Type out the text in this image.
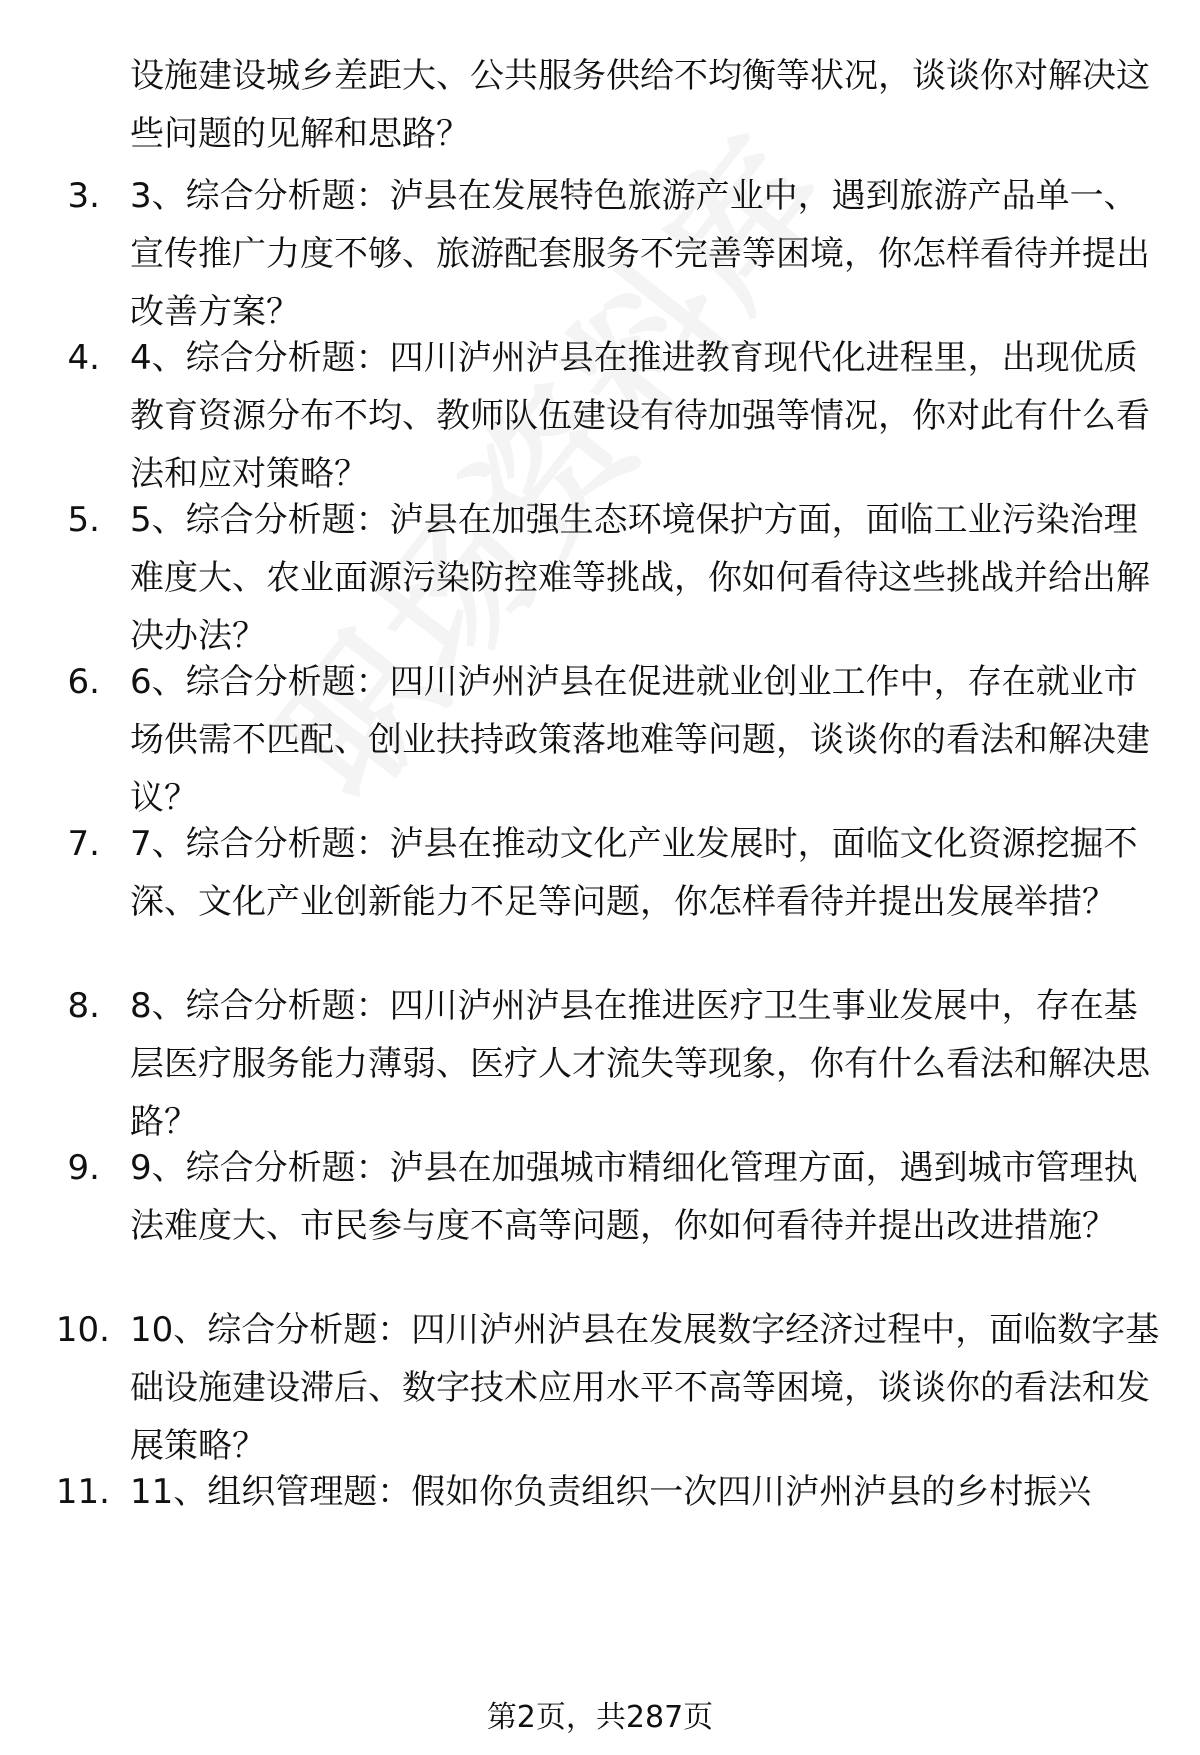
设施建设城乡差距大、公共服务供给不均衡等状况，谈谈你对解决这些问题的见解和思路？
3. 3、综合分析题：泸县在发展特色旅游产业中，遇到旅游产品单一、宣传推广力度不够、旅游配套服务不完善等困境，你怎样看待并提出改善方案？
4. 4、综合分析题：四川泸州泸县在推进教育现代化进程里，出现优质教育资源分布不均、教师队伍建设有待加强等情况，你对此有什么看法和应对策略？
5. 5、综合分析题：泸县在加强生态环境保护方面，面临工业污染治理难度大、农业面源污染防控难等挑战，你如何看待这些挑战并给出解决办法？
6. 6、综合分析题：四川泸州泸县在促进就业创业工作中，存在就业市场供需不匹配、创业扶持政策落地难等问题，谈谈你的看法和解决建议？
7. 7、综合分析题：泸县在推动文化产业发展时，面临文化资源挖掘不深、文化产业创新能力不足等问题，你怎样看待并提出发展举措？
8. 8、综合分析题：四川泸州泸县在推进医疗卫生事业发展中，存在基层医疗服务能力薄弱、医疗人才流失等现象，你有什么看法和解决思路？
9. 9、综合分析题：泸县在加强城市精细化管理方面，遇到城市管理执法难度大、市民参与度不高等问题，你如何看待并提出改进措施？
10. 10、综合分析题：四川泸州泸县在发展数字经济过程中，面临数字基础设施建设滞后、数字技术应用水平不高等困境，谈谈你的看法和发展策略？
11. 11、组织管理题：假如你负责组织一次四川泸州泸县的乡村振兴
第2页，共287页
